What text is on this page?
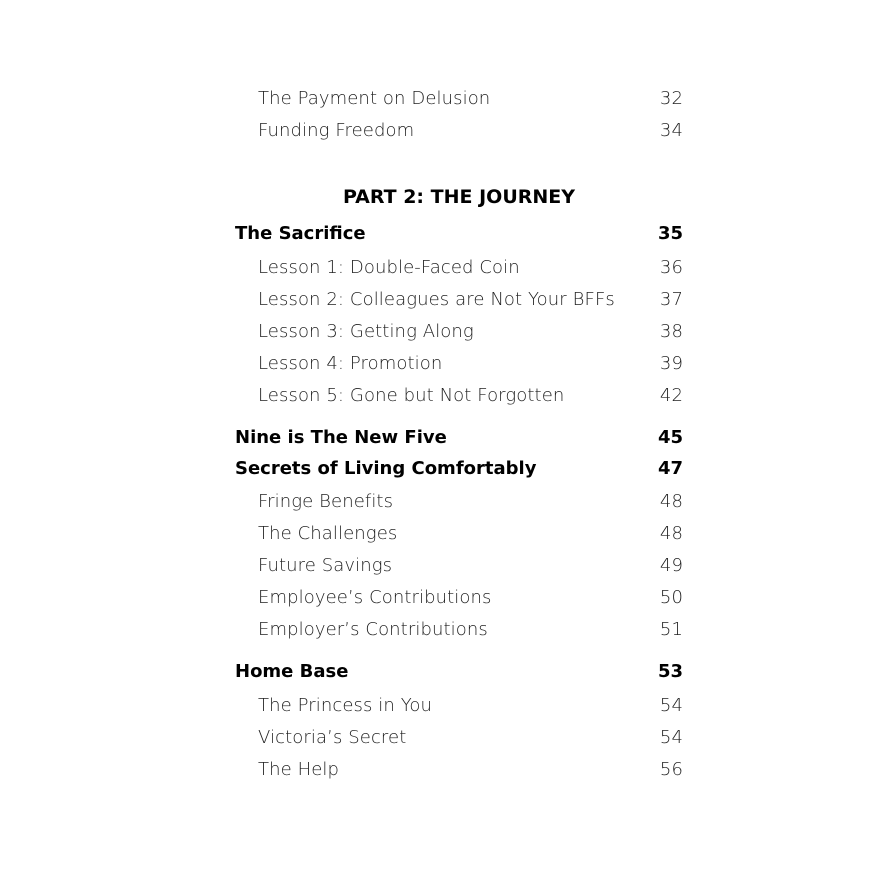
The Payment on Delusion	32
Funding Freedom	34
PART 2: THE JOURNEY
The Sacrifice	35
Lesson 1: Double-Faced Coin	36
Lesson 2: Colleagues are Not Your BFFs 37
Lesson 3: Getting Along	38
Lesson 4: Promotion	39
Lesson 5: Gone but Not Forgotten	42
Nine is The New Five	45
Secrets of Living Comfortably	47
Fringe Benefits	48
The Challenges	48
Future Savings	49
Employee’s Contributions	50
Employer’s Contributions	51
Home Base	53
The Princess in You	54
Victoria’s Secret	54
The Help	56
